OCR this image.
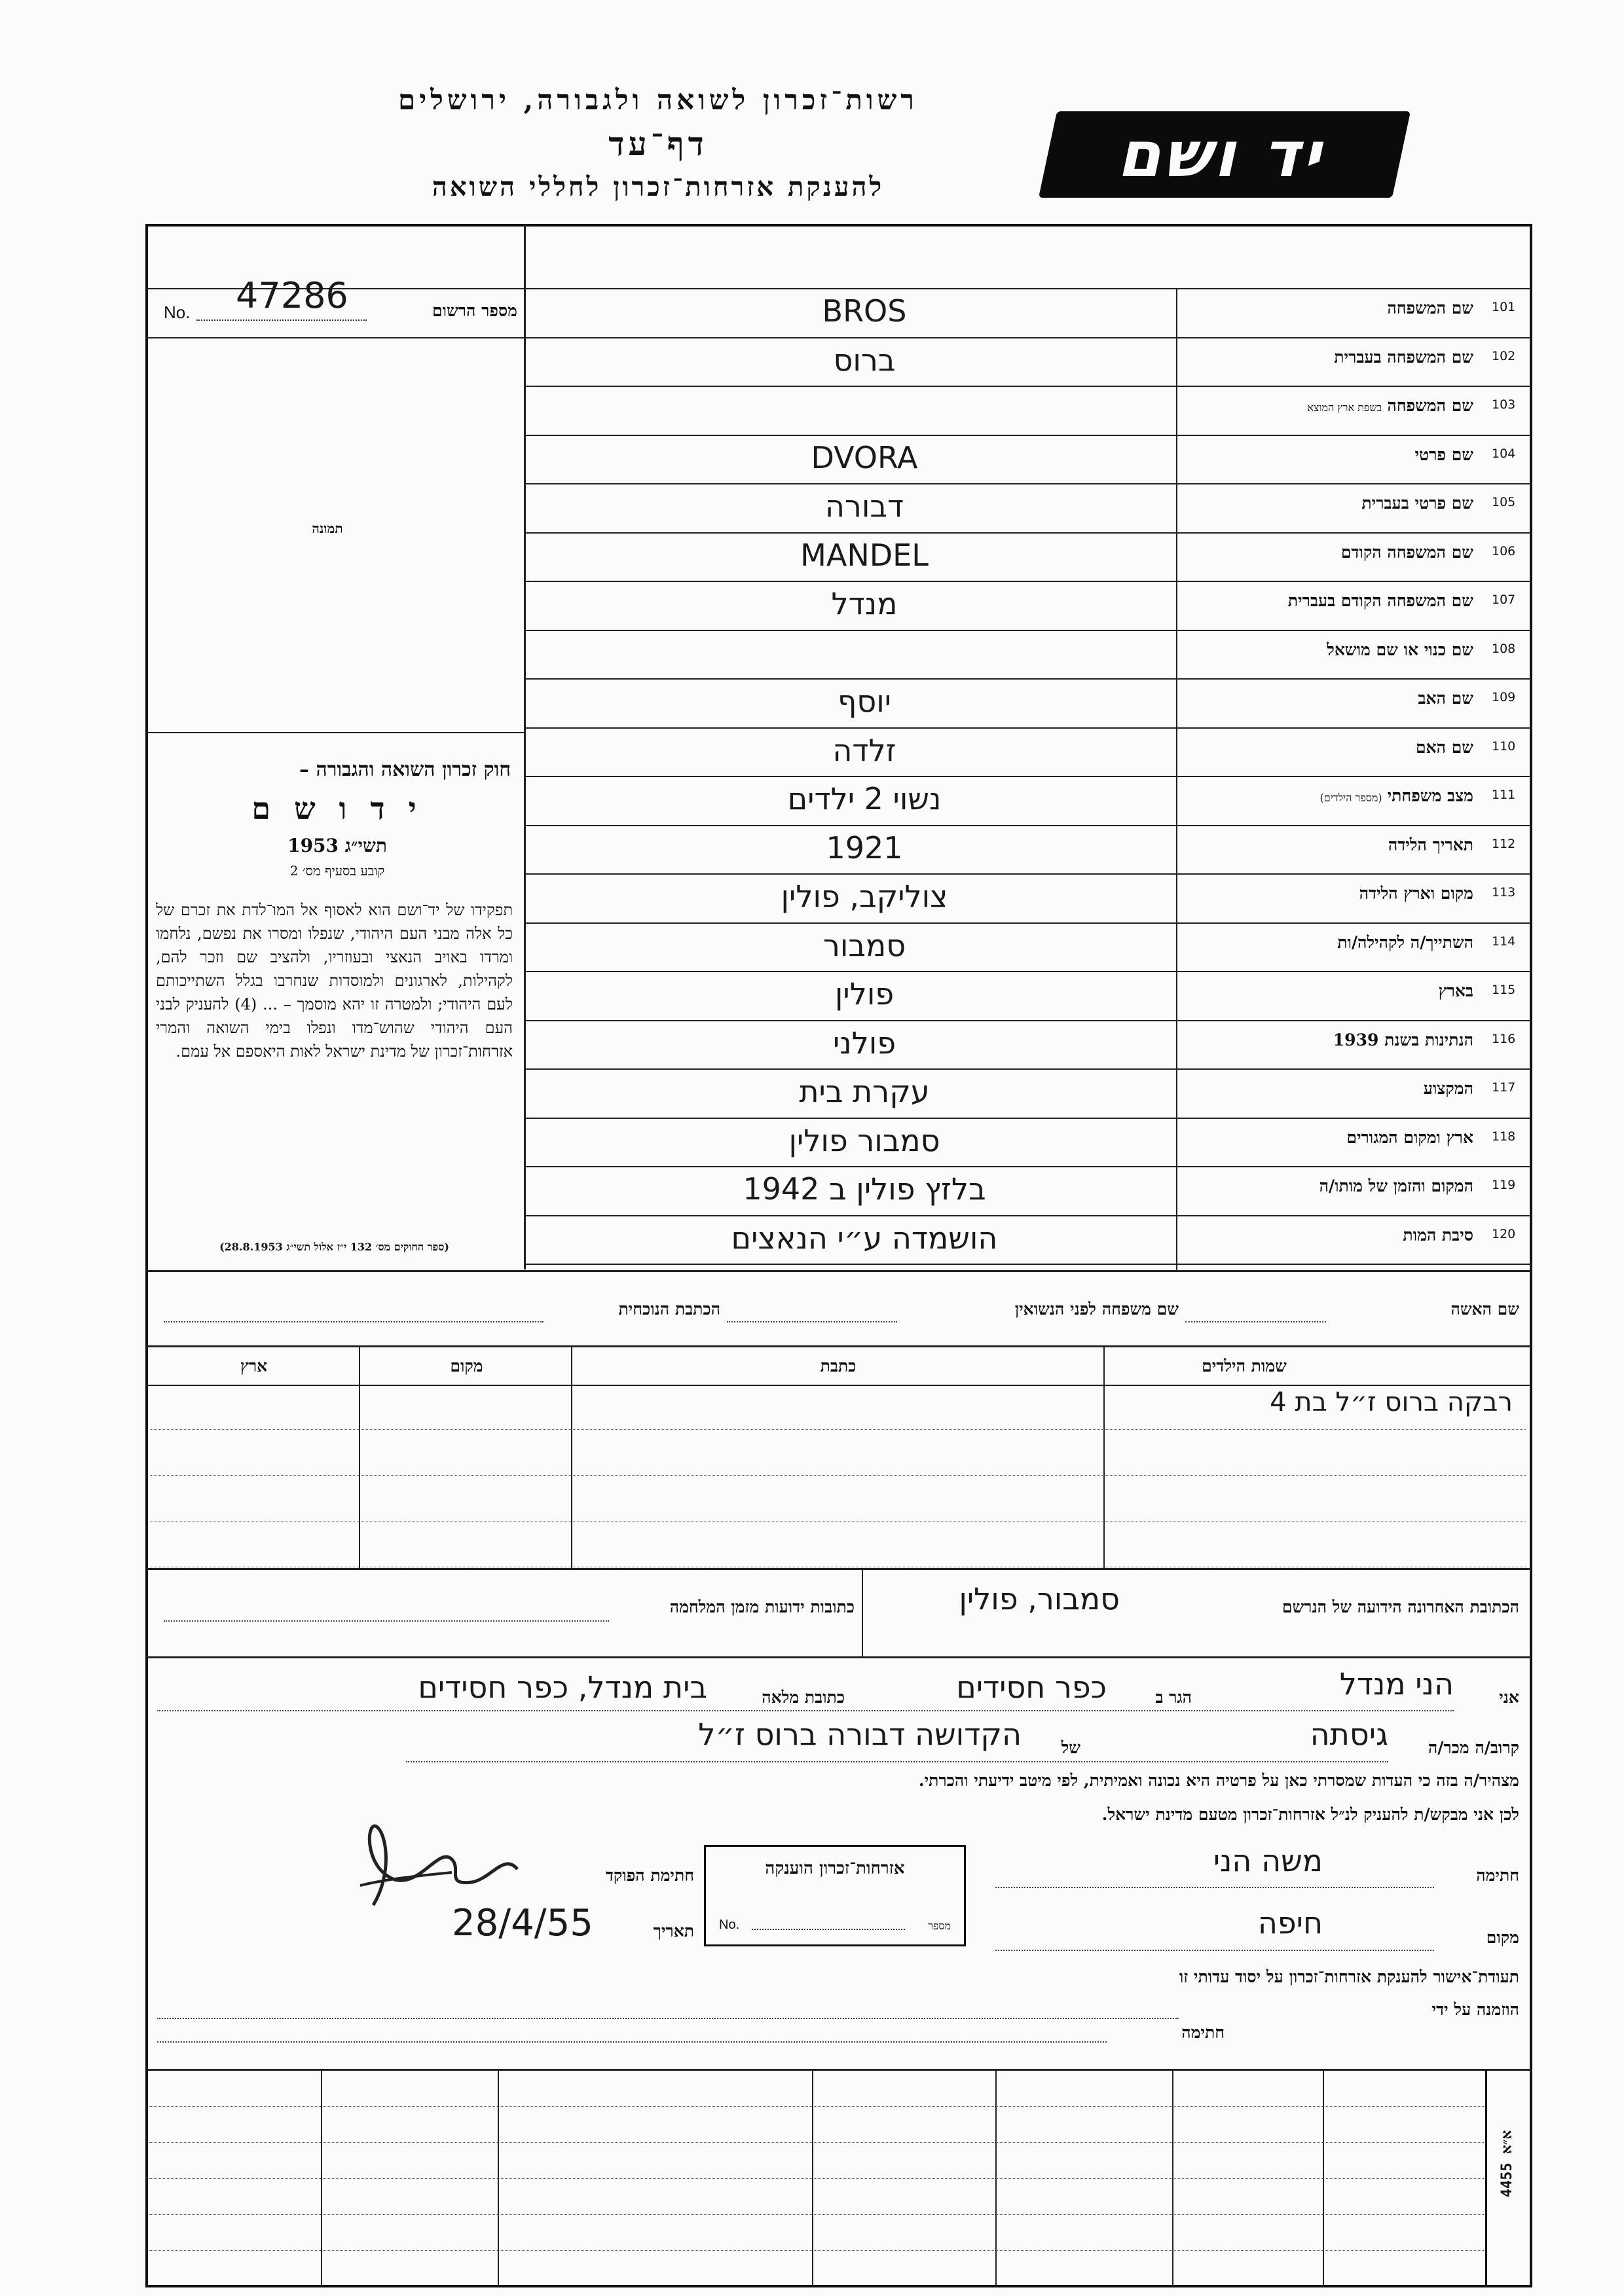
רשות־זכרון לשואה ולגבורה, ירושלים
דף־עד
להענקת אזרחות־זכרון לחללי השואה	יד ושם
מספר הרשום
No. 47286
תמונה
חוק זכרון השואה והגבורה –
י ד ו ש ם
תשי״ג 1953
קובע בסעיף מס׳ 2
תפקידו של יד־ושם הוא לאסוף אל המו־לדת את זכרם של כל אלה מבני העם היהודי, שנפלו ומסרו את נפשם, נלחמו ומרדו באויב הנאצי ובעוזריו, ולהציב שם וזכר להם, לקהילות, לארגונים ולמוסדות שנחרבו בגלל השתייכותם לעם היהודי; ולמטרה זו יהא מוסמך – ... (4) להעניק לבני העם היהודי שהוש־מדו ונפלו בימי השואה והמרי אזרחות־זכרון של מדינת ישראל לאות היאספם אל עמם.
(ספר החוקים מס׳ 132 י״ז אלול תשי״ג 28.8.1953)
101
שם המשפחה
BROS
102
שם המשפחה בעברית
ברוס
103
שם המשפחהבשפת ארץ המוצא
104
שם פרטי
DVORA
105
שם פרטי בעברית
דבורה
106
שם המשפחה הקודם
MANDEL
107
שם המשפחה הקודם בעברית
מנדל
108
שם כנוי או שם מושאל
109
שם האב
יוסף
110
שם האם
זלדה
111
מצב משפחתי(מספר הילדים)
נשוי 2 ילדים
112
תאריך הלידה
1921
113
מקום וארץ הלידה
צוליקב, פולין
114
השתייך/ה לקהילה/ות
סמבור
115
בארץ
פולין
116
הנתינות בשנת 1939
פולני
117
המקצוע
עקרת בית
118
ארץ ומקום המגורים
סמבור פולין
119
המקום והזמן של מותו/ה
בלזץ פולין ב 1942
120
סיבת המות
הושמדה ע״י הנאצים
שם האשה
שם משפחה לפני הנשואין
הכתבת הנוכחית
שמות הילדים
כתבת
מקום
ארץ
רבקה ברוס ז״ל בת 4
הכתובת האחרונה הידועה של הנרשם
סמבור, פולין
כתובות ידועות מזמן המלחמה
אני
הני מנדל
הגר ב
כפר חסידים
כתובת מלאה
בית מנדל, כפר חסידים
קרוב/ה מכר/ה
גיסתה
של
הקדושה דבורה ברוס ז״ל
מצהיר/ה בזה כי העדות שמסרתי כאן על פרטיה היא נכונה ואמיתית, לפי מיטב ידיעתי והכרתי.
לכן אני מבקש/ת להעניק לנ״ל אזרחות־זכרון מטעם מדינת ישראל.
אזרחות־זכרון הוענקה
מספר
No.
חתימה
משה הני
חתימת הפוקד
מקום
חיפה
תאריך
28/4/55
תעודת־אישור להענקת אזרחות־זכרון על יסוד עדותי זו
הוזמנה על ידי
חתימה
א״א 4455
